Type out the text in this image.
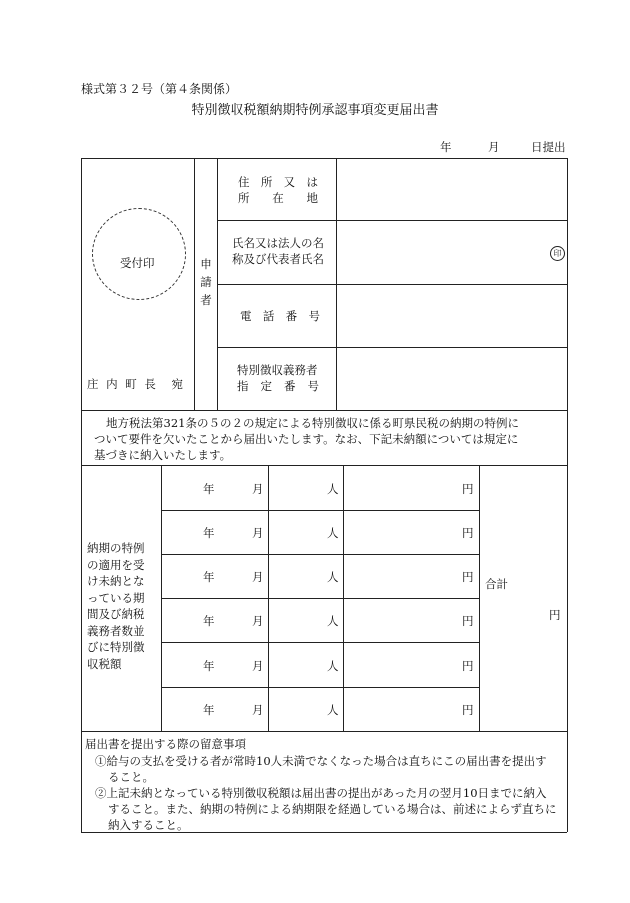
様式第３２号（第４条関係）
特別徴収税額納期特例承認事項変更届出書
年	月	日提出
受付印
庄 内 町 長 宛
申
請
者
住 所 又 は
所 在 地
氏名又は法人の名
称及び代表者氏名	印
電 話 番 号
特別徴収義務者
指 定 番 号
地方税法第321条の５の２の規定による特別徴収に係る町県民税の納期の特例に
ついて要件を欠いたことから届出いたします。なお、下記未納額については規定に
基づきに納入いたします。
納期の特例
の適用を受
け未納とな
っている期
間及び納税
義務者数並
びに特別徴
収税額
年	月	人	円
年	月	人	円
年	月	人	円
年	月	人	円
年	月	人	円
年	月	人	円
合計
円
届出書を提出する際の留意事項
①給与の支払を受ける者が常時10人未満でなくなった場合は直ちにこの届出書を提出す
ること。
②上記未納となっている特別徴収税額は届出書の提出があった月の翌月10日までに納入
すること。また、納期の特例による納期限を経過している場合は、前述によらず直ちに
納入すること。
